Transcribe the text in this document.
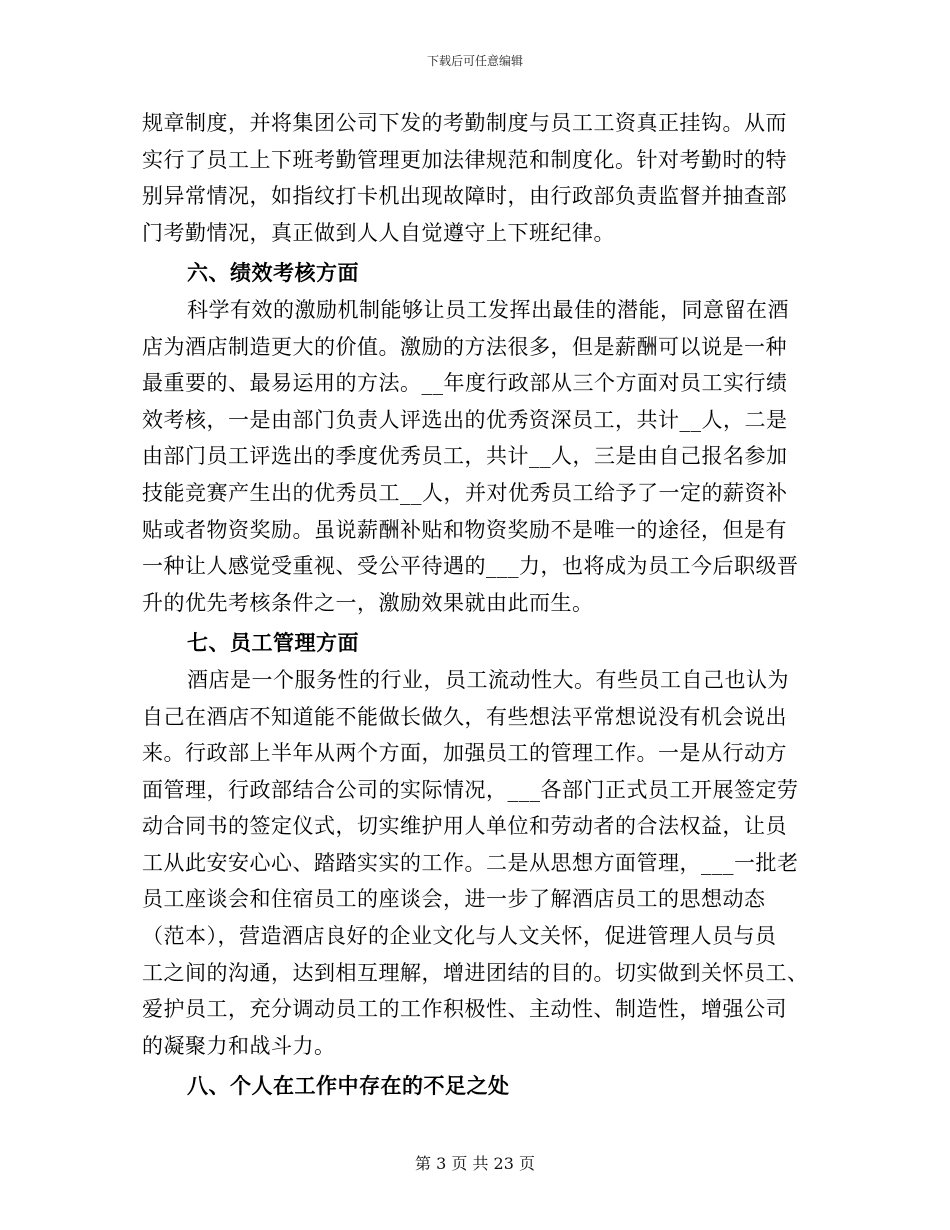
下载后可任意编辑
规章制度，并将集团公司下发的考勤制度与员工工资真正挂钩。从而
实行了员工上下班考勤管理更加法律规范和制度化。针对考勤时的特
别异常情况，如指纹打卡机出现故障时，由行政部负责监督并抽查部
门考勤情况，真正做到人人自觉遵守上下班纪律。
六、绩效考核方面
科学有效的激励机制能够让员工发挥出最佳的潜能，同意留在酒
店为酒店制造更大的价值。激励的方法很多，但是薪酬可以说是一种
最重要的、最易运用的方法。__年度行政部从三个方面对员工实行绩
效考核，一是由部门负责人评选出的优秀资深员工，共计__人，二是
由部门员工评选出的季度优秀员工，共计__人，三是由自己报名参加
技能竞赛产生出的优秀员工__人，并对优秀员工给予了一定的薪资补
贴或者物资奖励。虽说薪酬补贴和物资奖励不是唯一的途径，但是有
一种让人感觉受重视、受公平待遇的___力，也将成为员工今后职级晋
升的优先考核条件之一，激励效果就由此而生。
七、员工管理方面
酒店是一个服务性的行业，员工流动性大。有些员工自己也认为
自己在酒店不知道能不能做长做久，有些想法平常想说没有机会说出
来。行政部上半年从两个方面，加强员工的管理工作。一是从行动方
面管理，行政部结合公司的实际情况，___各部门正式员工开展签定劳
动合同书的签定仪式，切实维护用人单位和劳动者的合法权益，让员
工从此安安心心、踏踏实实的工作。二是从思想方面管理，___一批老
员工座谈会和住宿员工的座谈会，进一步了解酒店员工的思想动态
（范本），营造酒店良好的企业文化与人文关怀，促进管理人员与员
工之间的沟通，达到相互理解，增进团结的目的。切实做到关怀员工、
爱护员工，充分调动员工的工作积极性、主动性、制造性，增强公司
的凝聚力和战斗力。
八、个人在工作中存在的不足之处
第 3 页 共 23 页
